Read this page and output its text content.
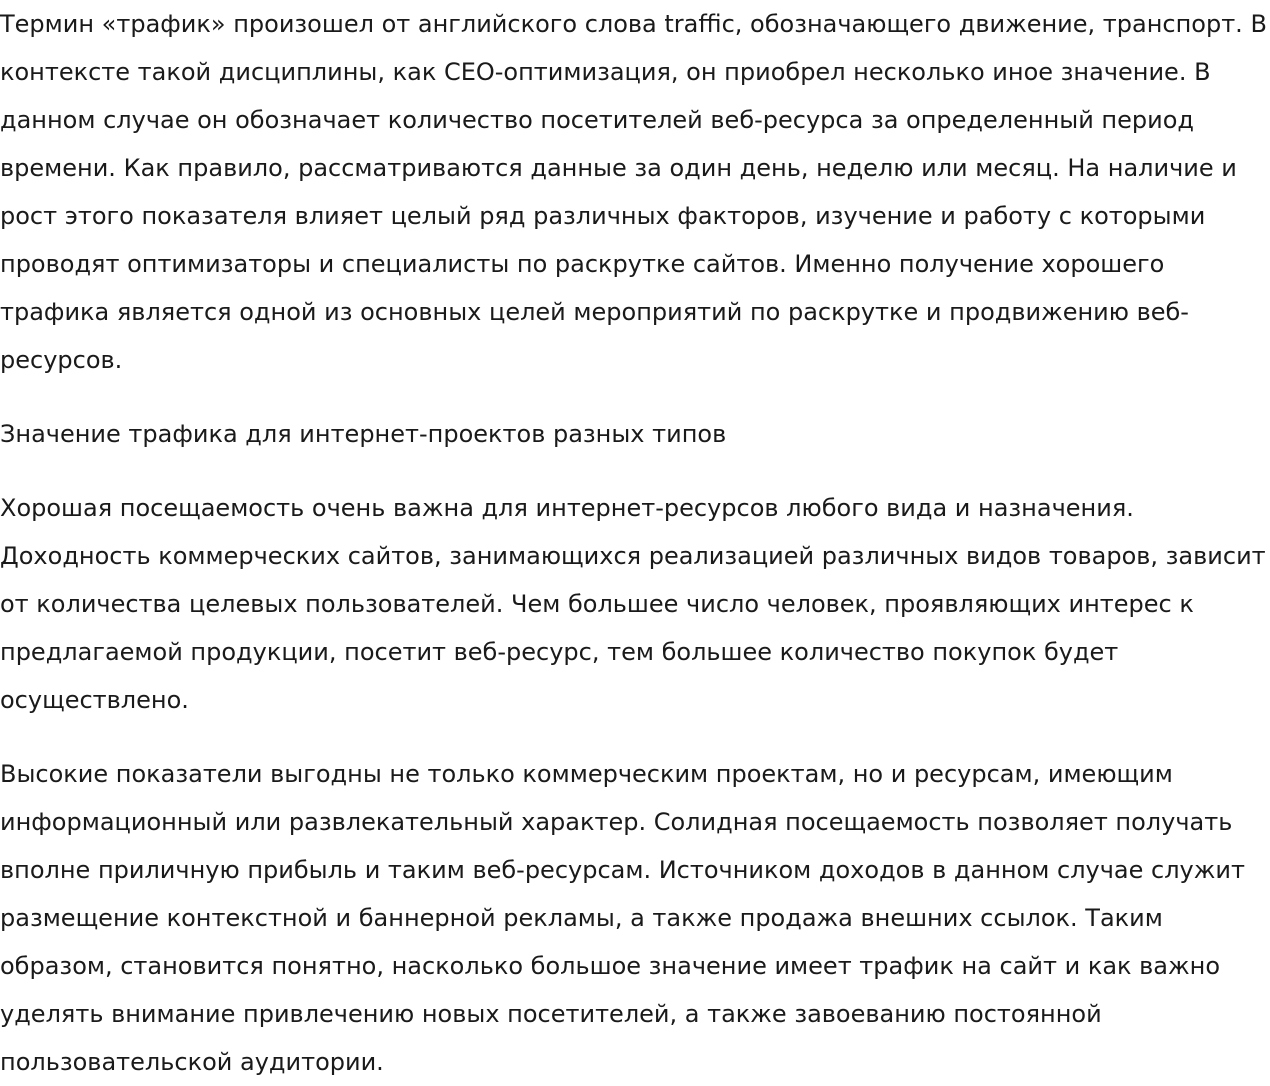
Термин «трафик» произошел от английского слова traffic, обозначающего движение, транспорт. В контексте такой дисциплины, как СЕО-оптимизация, он приобрел несколько иное значение. В данном случае он обозначает количество посетителей веб-ресурса за определенный период времени. Как правило, рассматриваются данные за один день, неделю или месяц. На наличие и рост этого показателя влияет целый ряд различных факторов, изучение и работу с которыми проводят оптимизаторы и специалисты по раскрутке сайтов. Именно получение хорошего трафика является одной из основных целей мероприятий по раскрутке и продвижению веб-ресурсов.

Значение трафика для интернет-проектов разных типов

Хорошая посещаемость очень важна для интернет-ресурсов любого вида и назначения. Доходность коммерческих сайтов, занимающихся реализацией различных видов товаров, зависит от количества целевых пользователей. Чем большее число человек, проявляющих интерес к предлагаемой продукции, посетит веб-ресурс, тем большее количество покупок будет осуществлено.

Высокие показатели выгодны не только коммерческим проектам, но и ресурсам, имеющим информационный или развлекательный характер. Солидная посещаемость позволяет получать вполне приличную прибыль и таким веб-ресурсам. Источником доходов в данном случае служит размещение контекстной и баннерной рекламы, а также продажа внешних ссылок. Таким образом, становится понятно, насколько большое значение имеет трафик на сайт и как важно уделять внимание привлечению новых посетителей, а также завоеванию постоянной пользовательской аудитории.
